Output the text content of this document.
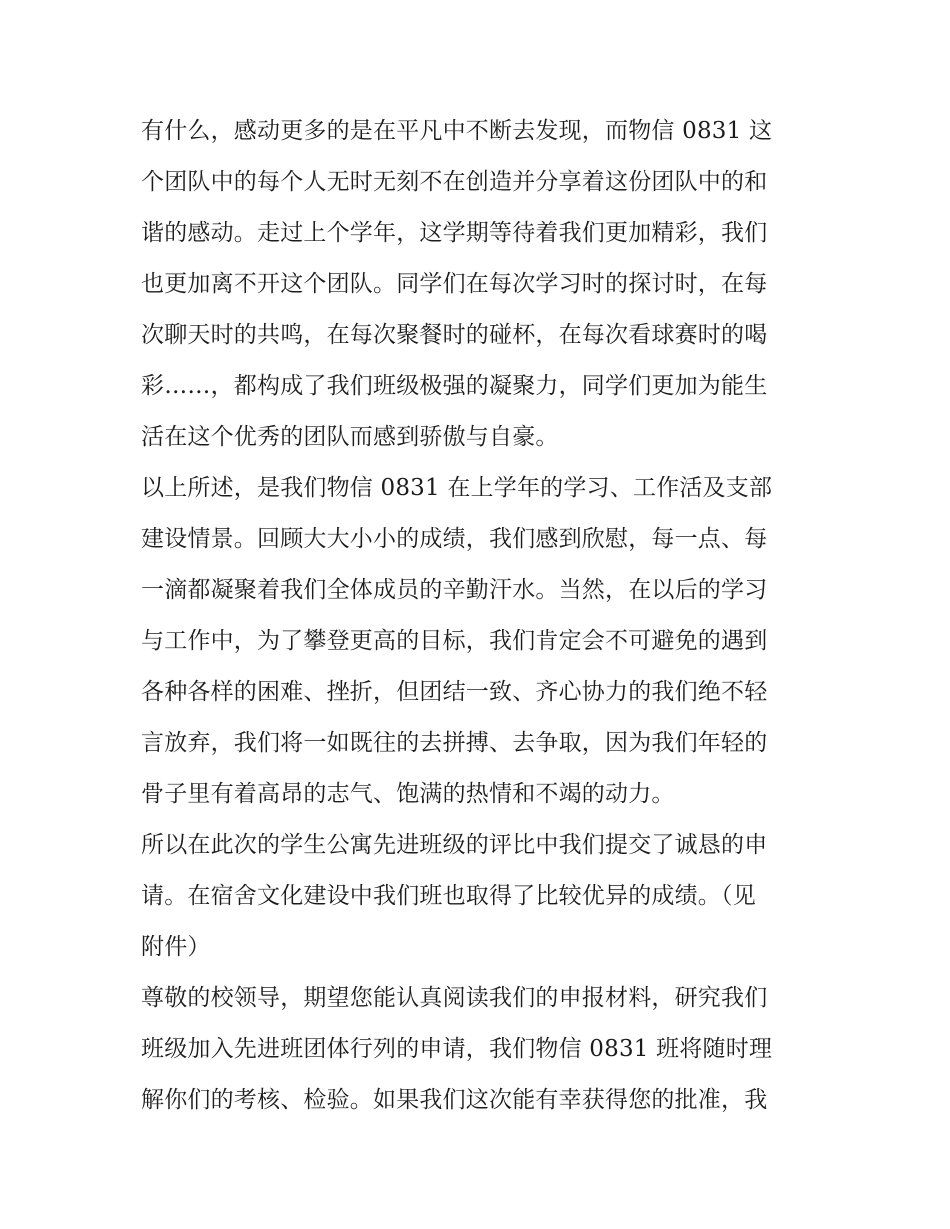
有什么，感动更多的是在平凡中不断去发现，而物信 0831 这
个团队中的每个人无时无刻不在创造并分享着这份团队中的和
谐的感动。走过上个学年，这学期等待着我们更加精彩，我们
也更加离不开这个团队。同学们在每次学习时的探讨时，在每
次聊天时的共鸣，在每次聚餐时的碰杯，在每次看球赛时的喝
彩……，都构成了我们班级极强的凝聚力，同学们更加为能生
活在这个优秀的团队而感到骄傲与自豪。
以上所述，是我们物信 0831 在上学年的学习、工作活及支部
建设情景。回顾大大小小的成绩，我们感到欣慰，每一点、每
一滴都凝聚着我们全体成员的辛勤汗水。当然，在以后的学习
与工作中，为了攀登更高的目标，我们肯定会不可避免的遇到
各种各样的困难、挫折，但团结一致、齐心协力的我们绝不轻
言放弃，我们将一如既往的去拼搏、去争取，因为我们年轻的
骨子里有着高昂的志气、饱满的热情和不竭的动力。
所以在此次的学生公寓先进班级的评比中我们提交了诚恳的申
请。在宿舍文化建设中我们班也取得了比较优异的成绩。（见
附件）
尊敬的校领导，期望您能认真阅读我们的申报材料，研究我们
班级加入先进班团体行列的申请，我们物信 0831 班将随时理
解你们的考核、检验。如果我们这次能有幸获得您的批准，我
